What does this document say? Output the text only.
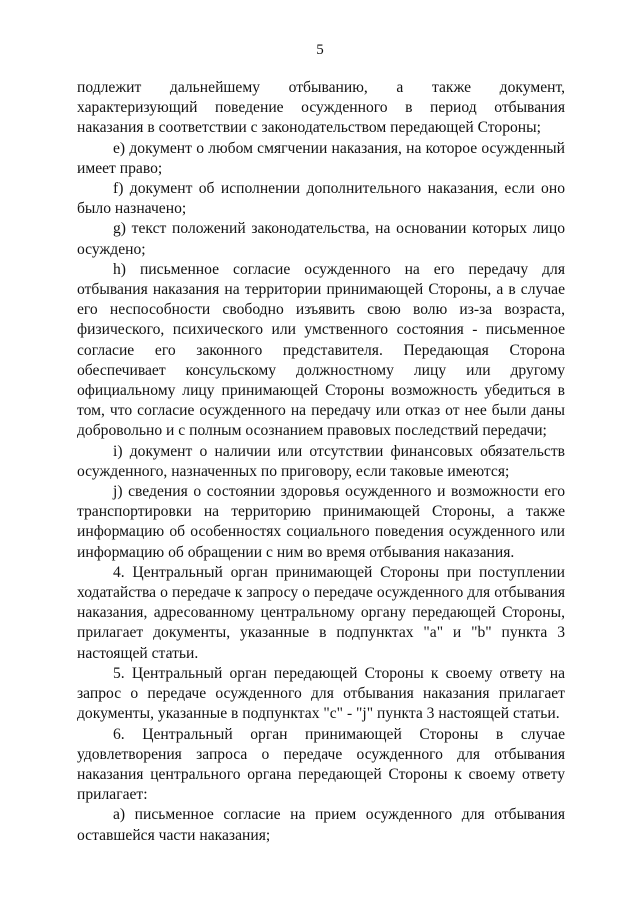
5

подлежит дальнейшему отбыванию, а также документ, характеризующий поведение осужденного в период отбывания наказания в соответствии с законодательством передающей Стороны;

e) документ о любом смягчении наказания, на которое осужденный имеет право;

f) документ об исполнении дополнительного наказания, если оно было назначено;

g) текст положений законодательства, на основании которых лицо осуждено;

h) письменное согласие осужденного на его передачу для отбывания наказания на территории принимающей Стороны, а в случае его неспособности свободно изъявить свою волю из-за возраста, физического, психического или умственного состояния - письменное согласие его законного представителя. Передающая Сторона обеспечивает консульскому должностному лицу или другому официальному лицу принимающей Стороны возможность убедиться в том, что согласие осужденного на передачу или отказ от нее были даны добровольно и с полным осознанием правовых последствий передачи;

i) документ о наличии или отсутствии финансовых обязательств осужденного, назначенных по приговору, если таковые имеются;

j) сведения о состоянии здоровья осужденного и возможности его транспортировки на территорию принимающей Стороны, а также информацию об особенностях социального поведения осужденного или информацию об обращении с ним во время отбывания наказания.

4. Центральный орган принимающей Стороны при поступлении ходатайства о передаче к запросу о передаче осужденного для отбывания наказания, адресованному центральному органу передающей Стороны, прилагает документы, указанные в подпунктах "a" и "b" пункта 3 настоящей статьи.

5. Центральный орган передающей Стороны к своему ответу на запрос о передаче осужденного для отбывания наказания прилагает документы, указанные в подпунктах "c" - "j" пункта 3 настоящей статьи.

6. Центральный орган принимающей Стороны в случае удовлетворения запроса о передаче осужденного для отбывания наказания центрального органа передающей Стороны к своему ответу прилагает:

a) письменное согласие на прием осужденного для отбывания оставшейся части наказания;
